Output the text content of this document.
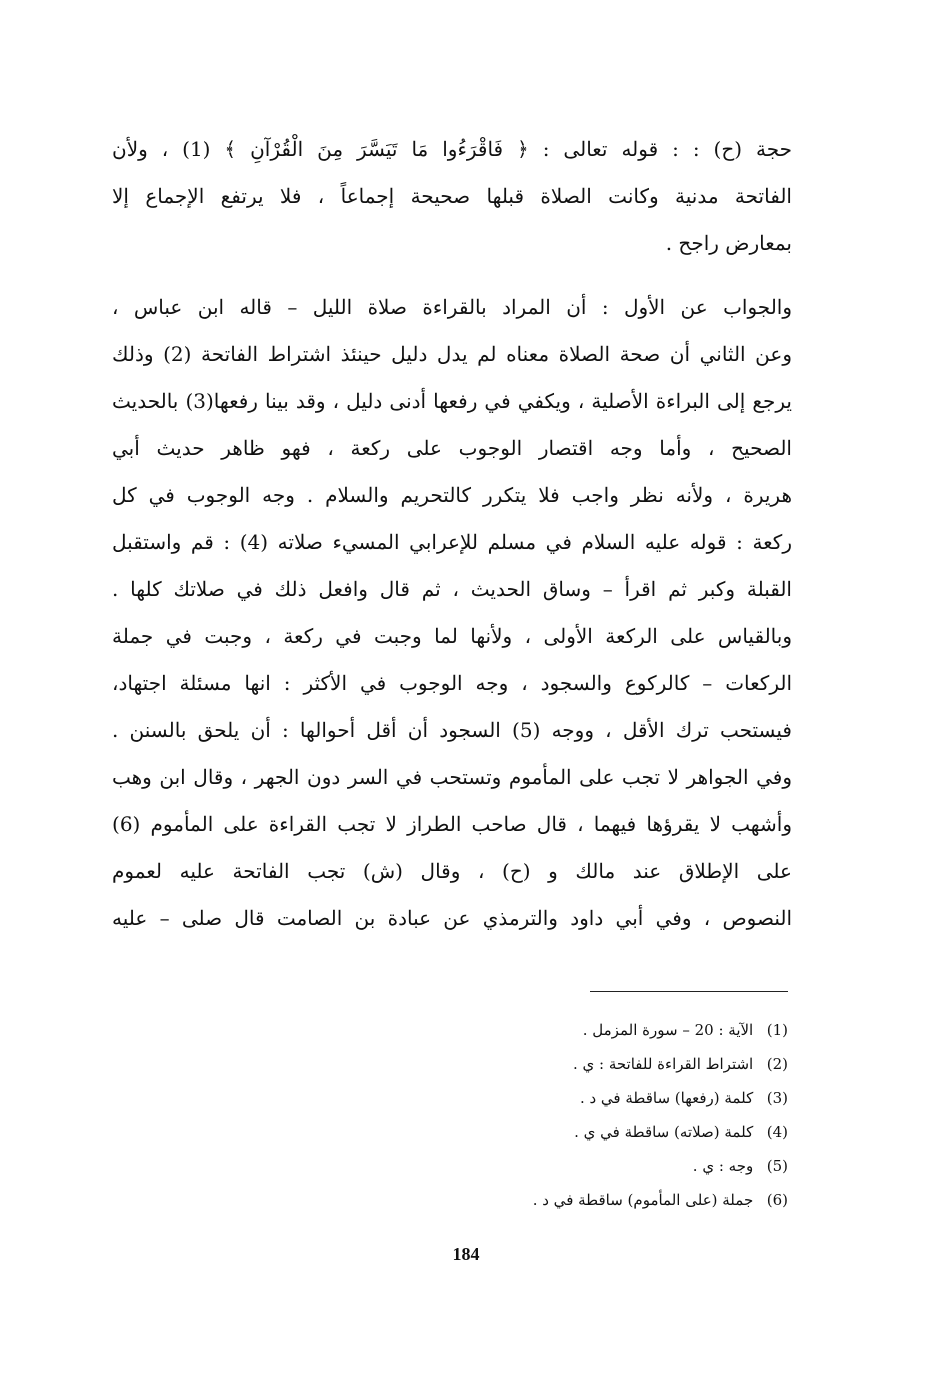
حجة (ح) : : قوله تعالى : ﴿ فَاقْرَءُوا مَا تَيَسَّرَ مِنَ الْقُرْآنِ ﴾ (1) ، ولأن
الفاتحة مدنية وكانت الصلاة قبلها صحيحة إجماعاً ، فلا يرتفع الإجماع إلا
بمعارض راجح .
والجواب عن الأول : أن المراد بالقراءة صلاة الليل – قاله ابن عباس ،
وعن الثاني أن صحة الصلاة معناه لم يدل دليل حينئذ اشتراط الفاتحة (2) وذلك
يرجع إلى البراءة الأصلية ، ويكفي في رفعها أدنى دليل ، وقد بينا رفعها(3) بالحديث
الصحيح ، وأما وجه اقتصار الوجوب على ركعة ، فهو ظاهر حديث أبي
هريرة ، ولأنه نظر واجب فلا يتكرر كالتحريم والسلام . وجه الوجوب في كل
ركعة : قوله عليه السلام في مسلم للإعرابي المسيء صلاته (4) : قم واستقبل
القبلة وكبر ثم اقرأ – وساق الحديث ، ثم قال وافعل ذلك في صلاتك كلها .
وبالقياس على الركعة الأولى ، ولأنها لما وجبت في ركعة ، وجبت في جملة
الركعات – كالركوع والسجود ، وجه الوجوب في الأكثر : انها مسئلة اجتهاد،
فيستحب ترك الأقل ، ووجه (5) السجود أن أقل أحوالها : أن يلحق بالسنن .
وفي الجواهر لا تجب على المأموم وتستحب في السر دون الجهر ، وقال ابن وهب
وأشهب لا يقرؤها فيهما ، قال صاحب الطراز لا تجب القراءة على المأموم (6)
على الإطلاق عند مالك و (ح) ، وقال (ش) تجب الفاتحة عليه لعموم
النصوص ، وفي أبي داود والترمذي عن عبادة بن الصامت قال صلى – عليه
(1) الآية : 20 – سورة المزمل .
(2) اشتراط القراءة للفاتحة : ي .
(3) كلمة (رفعها) ساقطة في د .
(4) كلمة (صلاته) ساقطة في ي .
(5) وجه : ي .
(6) جملة (على المأموم) ساقطة في د .
184
